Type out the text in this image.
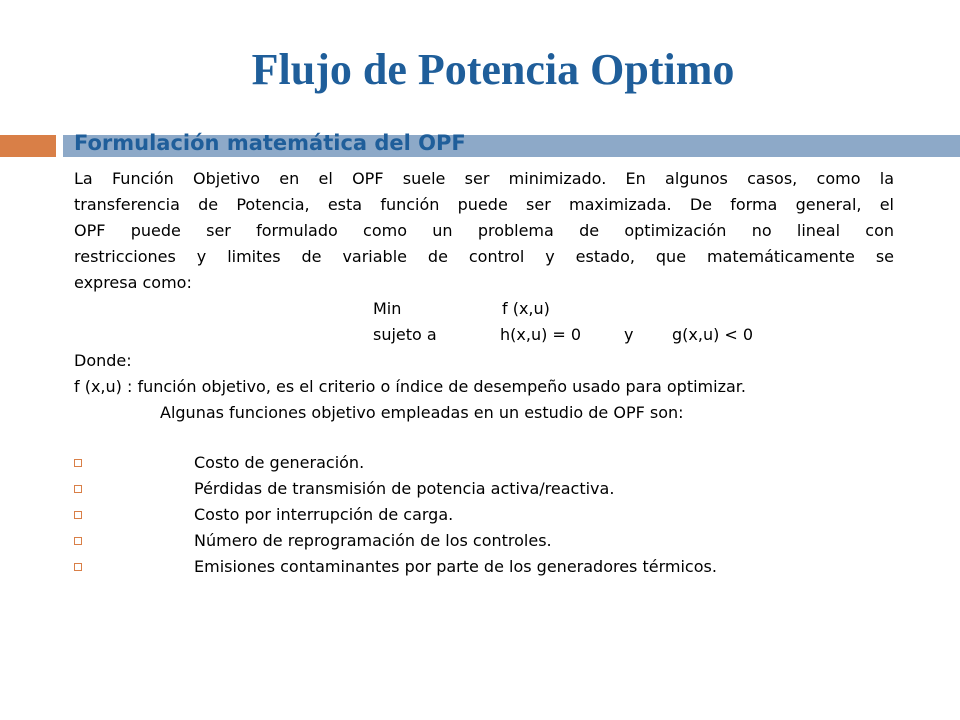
Flujo de Potencia Optimo
Formulación matemática del OPF
La Función Objetivo en el OPF suele ser minimizado. En algunos casos, como la
transferencia de Potencia, esta función puede ser maximizada. De forma general, el
OPF puede ser formulado como un problema de optimización no lineal con
restricciones y limites de variable de control y estado, que matemáticamente se
expresa como:
Min	f (x,u)
sujeto a	h(x,u) = 0	y g(x,u) < 0
Donde:
f (x,u) : función objetivo, es el criterio o índice de desempeño usado para optimizar.
Algunas funciones objetivo empleadas en un estudio de OPF son:
Costo de generación.
Pérdidas de transmisión de potencia activa/reactiva.
Costo por interrupción de carga.
Número de reprogramación de los controles.
Emisiones contaminantes por parte de los generadores térmicos.
